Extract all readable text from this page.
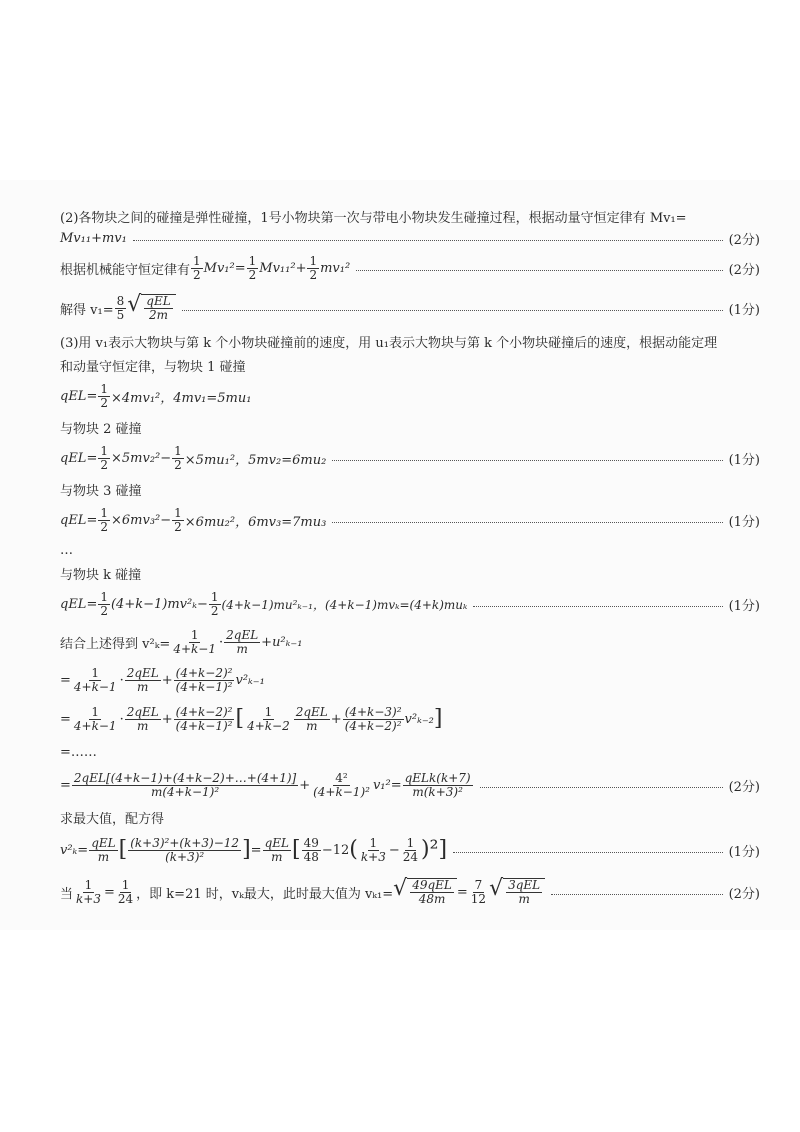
(2)各物块之间的碰撞是弹性碰撞，1号小物块第一次与带电小物块发生碰撞过程，根据动量守恒定律有 Mv₁=
Mv₁₁+mv₁	(2分)
根据机械能守恒定律有 $\frac{1}{2} Mv_1^2= \frac{1}{2} Mv_{11}^2+ \frac{1}{2} mv_1^2$	(2分)
解得 $v_1= \frac{8}{5}$ √ $\frac{\text{qEL}}{2m}$	(1分)
(3)用 v₁表示大物块与第 k 个小物块碰撞前的速度，用 u₁表示大物块与第 k 个小物块碰撞后的速度，根据动能定理
和动量守恒定律，与物块 1 碰撞
$qEL= \frac{1}{2} \times 4mv_1^2$，4mv₁=5mu₁
与物块 2 碰撞
$qEL= \frac{1}{2} \times 5mv_2^2- \frac{1}{2} \times 5mu_1^2$，5mv₂=6mu₂	(1分)
与物块 3 碰撞
$qEL= \frac{1}{2} \times 6mv_3^2- \frac{1}{2} \times 6mu_2^2$，6mv₃=7mu₃	(1分)
…
与物块 k 碰撞
$qEL= \frac{1}{2} (4+k-1)mv^2_k- \frac{1}{2} (4+k-1)mu^2_{k-1}$，(4+k−1)mvₖ=(4+k)muₖ	(1分)
结合上述得到 $v^2_k= \frac{1}{4+k-1} \cdot \frac{\text{2qEL}}{m} +u^2_{k-1}$
= $\frac{1}{4+k-1} \cdot \frac{\text{2qEL}}{m} + \frac{\text{(4+k−2)²}}{\text{(4+k−1)²}} v^2_{k-1}$
= $\frac{1}{4+k-1} \cdot \frac{\text{2qEL}}{m} + \frac{\text{(4+k−2)²}}{\text{(4+k−1)²}}$ [ $\frac{1}{4+k-2} \frac{\text{2qEL}}{m} + \frac{\text{(4+k−3)²}}{\text{(4+k−2)²}} v^2_{k-2}$ ]
=……
= $\frac{\text{2qEL[(4+k−1)+(4+k−2)+…+(4+1)]}}{\text{m(4+k−1)²}} + \frac{\text{4²}}{\text{(4+k−1)²}} v_1^2= \frac{\text{qELk(k+7)}}{\text{m(k+3)²}}$	(2分)
求最大值，配方得
$v^2_k= \frac{\text{qEL}}{m}$ [ $\frac{\text{(k+3)²+(k+3)−12}}{\text{(k+3)²}}$ ] = $\frac{\text{qEL}}{m}$ [ $\frac{49}{48} -12$ ( $\frac{1}{k+3} - \frac{1}{24} )^2$ ]	(1分)
当 $\frac{1}{k+3} = \frac{1}{24}$ ，即 k=21 时，vₖ最大，此时最大值为 vₖ₁= √ $\frac{\text{49qEL}}{48m} = \frac{7}{12}$ √ $\frac{\text{3qEL}}{m}$	(2分)
